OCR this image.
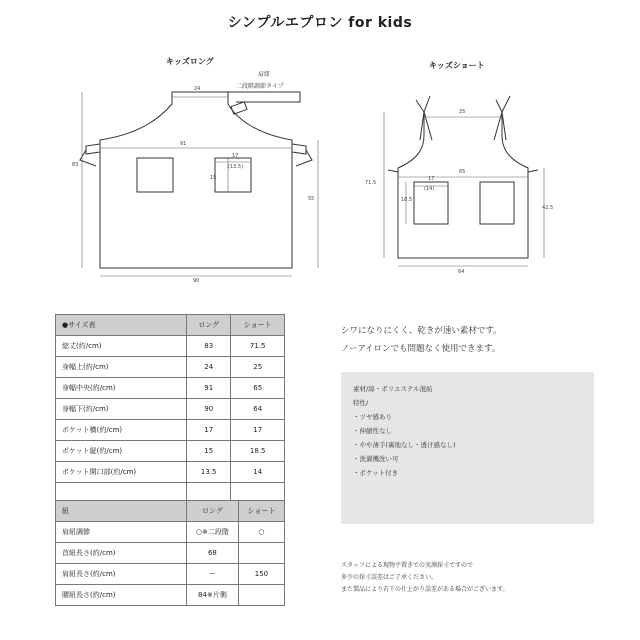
シンプルエプロン for kids
キッズロング
肩紐
二段階調節タイプ
キッズショート
24
91
17
(13.5)
15
83
55
90
25
65
17
(14)
18.5
71.5
42.5
64
●サイズ表	ロング	ショート
総丈(約/cm)	83	71.5
身幅上(約/cm)	24	25
身幅中央(約/cm)	91	65
身幅下(約/cm)	90	64
ポケット横(約/cm)	17	17
ポケット縦(約/cm)	15	18.5
ポケット開口部(約/cm)	13.5	14

紐	ロング	ショート
肩紐調節	○※二段階	○
首紐長さ(約/cm)	68	
肩紐長さ(約/cm)	ー	150
腰紐長さ(約/cm)	84※片側	
シワになりにくく、乾きが速い素材です。
ノーアイロンでも問題なく使用できます。
素材/綿・ポリエステル混紡
特性/
・ツヤ感あり
・伸縮性なし
・やや薄手(裏地なし・透け感なし)
・洗濯機洗い可
・ポケット付き
スタッフによる現物平置きでの実測採寸ですので
多少の採寸誤差はご了承ください。
また製品により若干の仕上がり誤差がある場合がございます。
